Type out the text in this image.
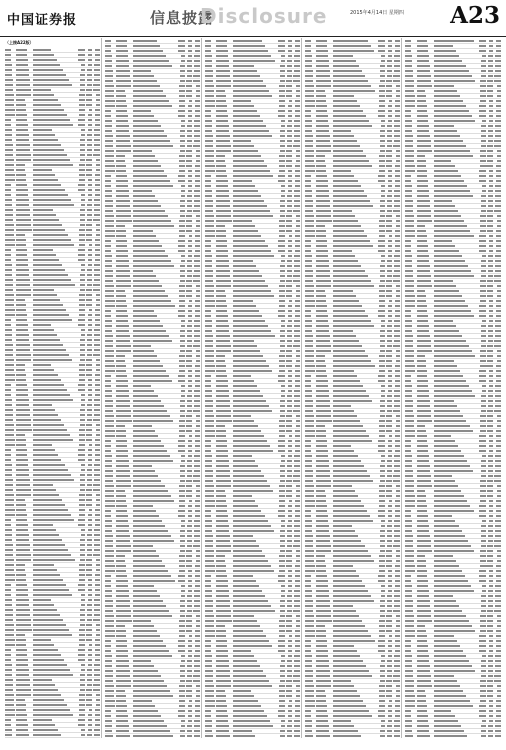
中国证券报	信息披露
Disclosure	2015年4月14日 星期四 A23
（上接A22版）
